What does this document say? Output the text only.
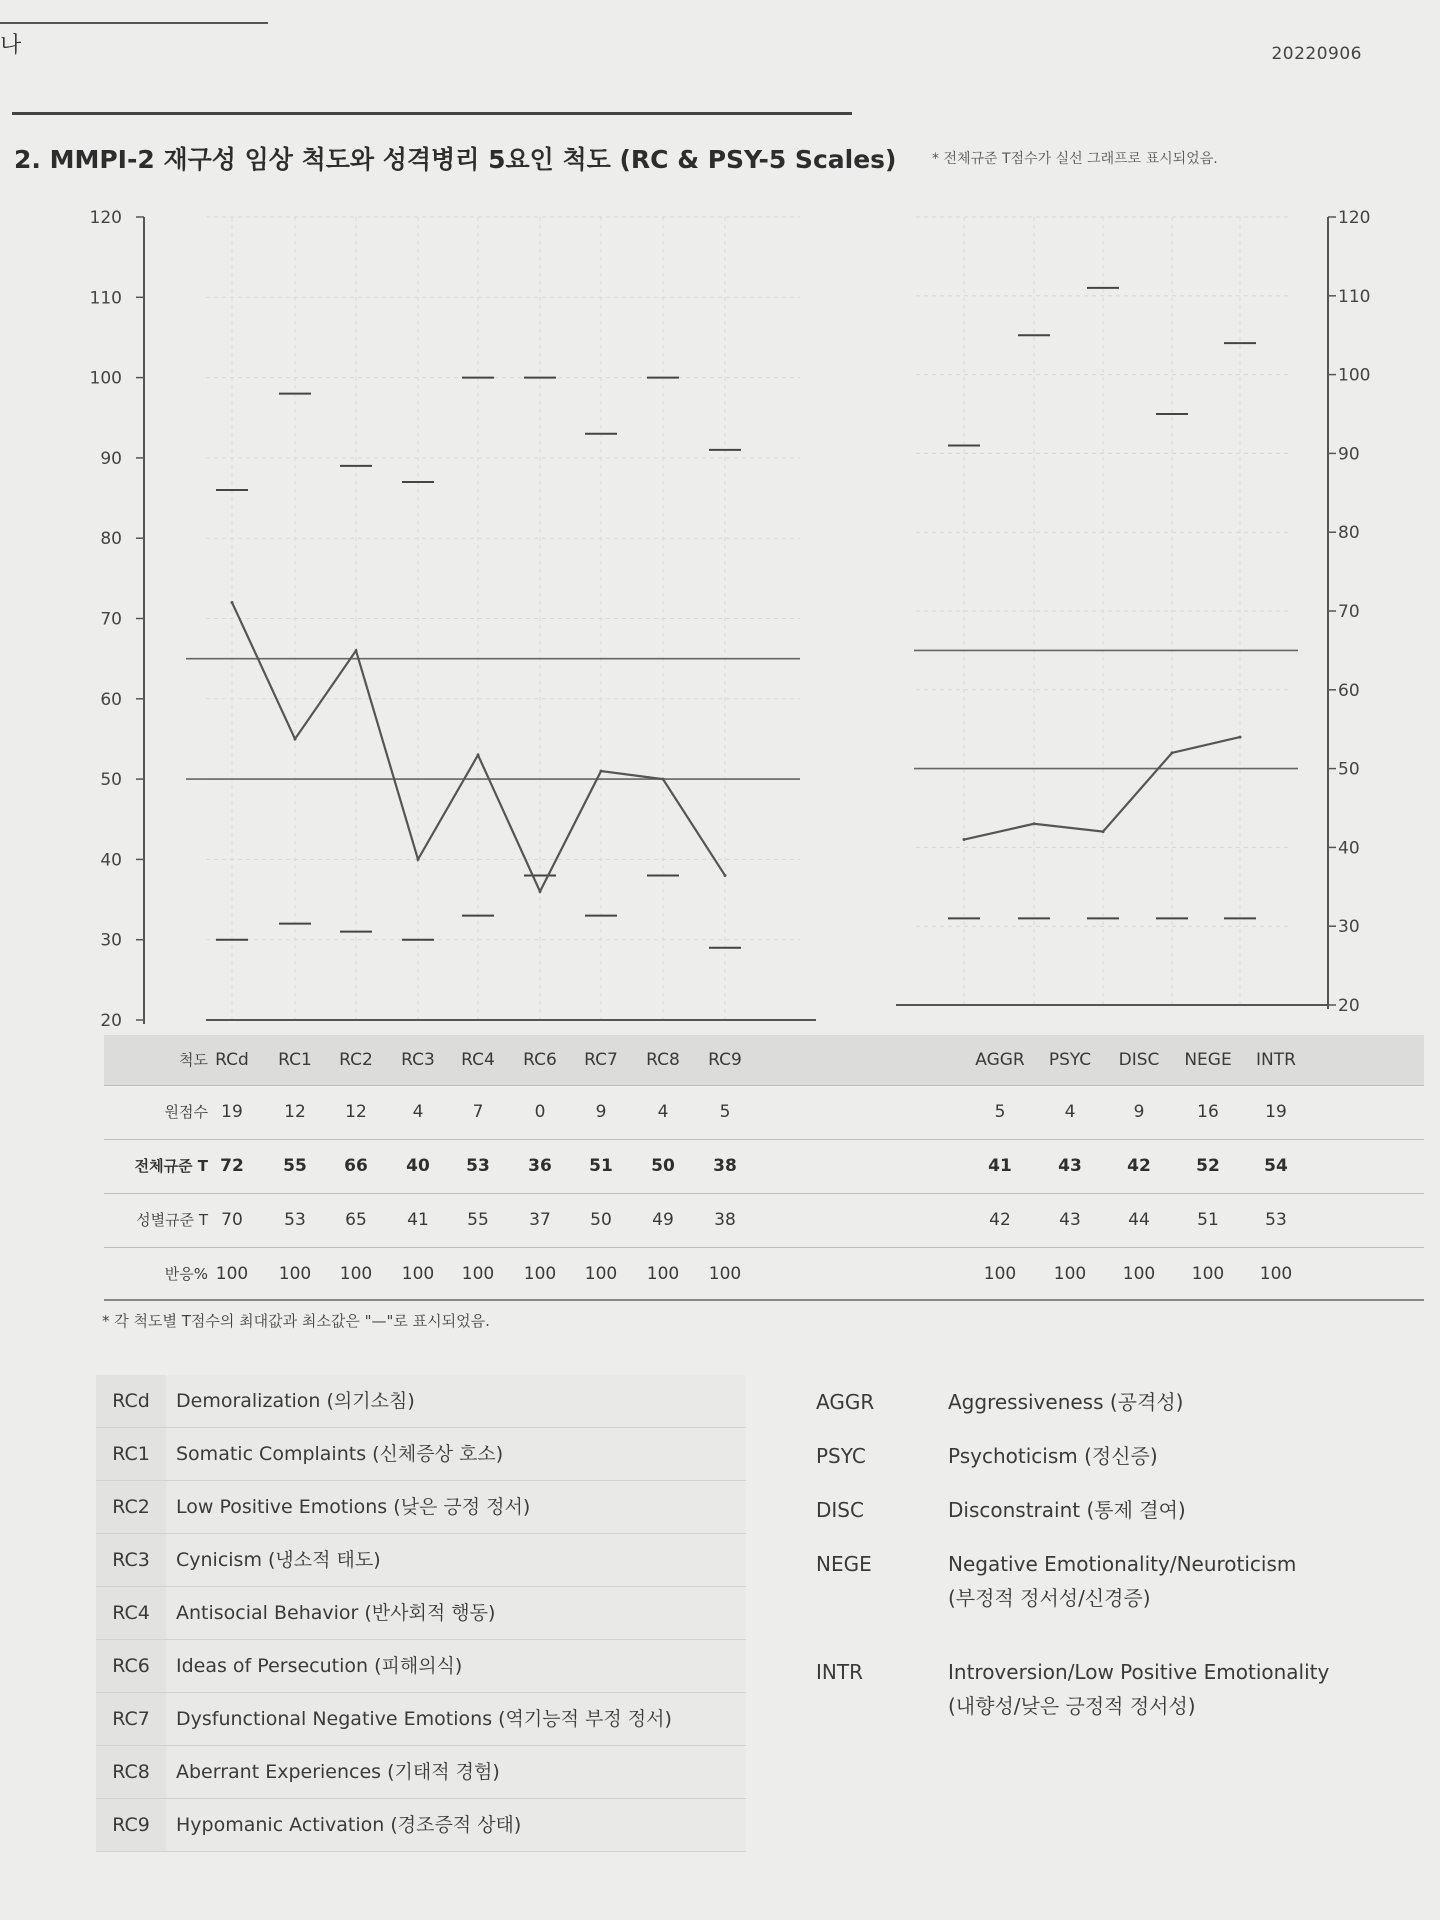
나	20220906
2. MMPI-2 재구성 임상 척도와 성격병리 5요인 척도 (RC & PSY-5 Scales)	* 전체규준 T점수가 실선 그래프로 표시되었음.
20
30
40
50
60
70
80
90
100
110
120
20
30
40
50
60
70
80
90
100
110
120
척도 RCd	RC1	RC2	RC3	RC4	RC6	RC7	RC8	RC9	AGGR	PSYC	DISC	NEGE	INTR
원점수 19	12	12	4	7	0	9	4	5	5	4	9	16	19
전체규준 T 72	55	66	40	53	36	51	50	38	41	43	42	52	54
성별규준 T 70	53	65	41	55	37	50	49	38	42	43	44	51	53
반응% 100	100	100	100	100	100	100	100	100	100	100	100	100	100
* 각 척도별 T점수의 최대값과 최소값은 "—"로 표시되었음.
RCd	Demoralization (의기소침)
RC1	Somatic Complaints (신체증상 호소)
RC2	Low Positive Emotions (낮은 긍정 정서)
RC3	Cynicism (냉소적 태도)
RC4	Antisocial Behavior (반사회적 행동)
RC6	Ideas of Persecution (피해의식)
RC7	Dysfunctional Negative Emotions (역기능적 부정 정서)
RC8	Aberrant Experiences (기태적 경험)
RC9	Hypomanic Activation (경조증적 상태)
AGGR	Aggressiveness (공격성)
PSYC	Psychoticism (정신증)
DISC	Disconstraint (통제 결여)
NEGE	Negative Emotionality/Neuroticism
(부정적 정서성/신경증)
INTR	Introversion/Low Positive Emotionality
(내향성/낮은 긍정적 정서성)
